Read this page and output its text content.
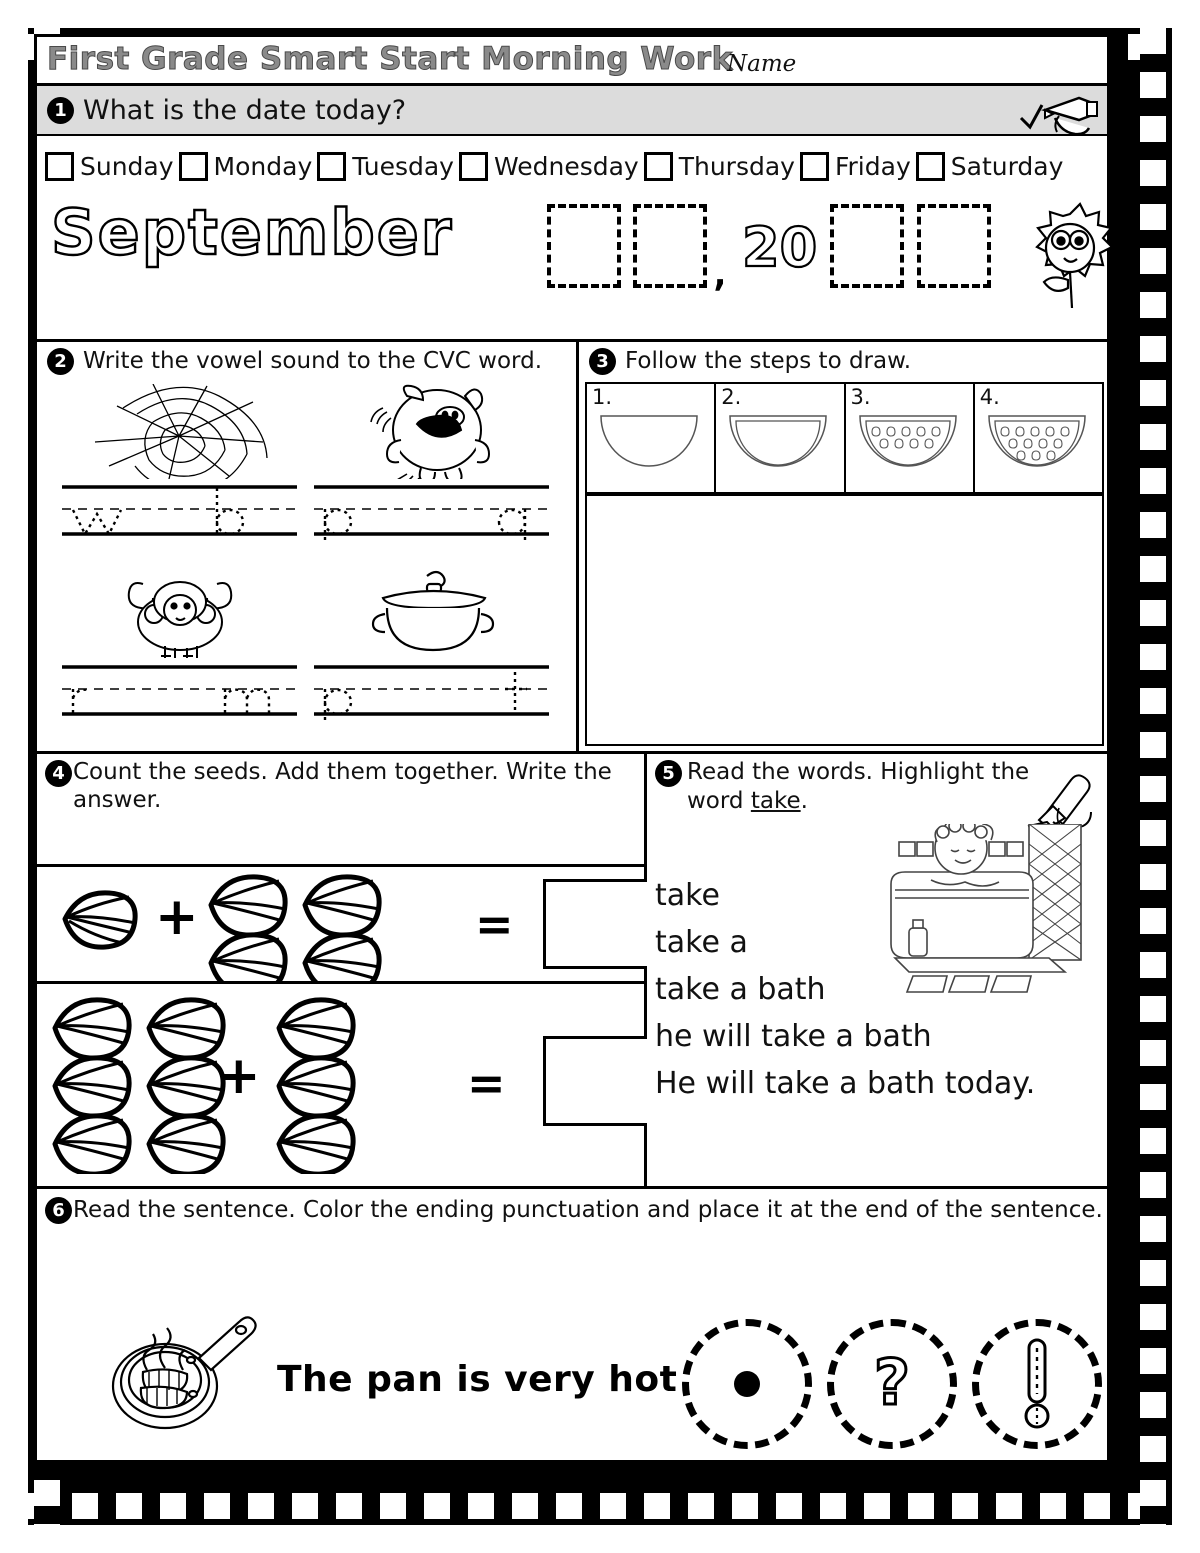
First Grade Smart Start Morning Work
Name
1 What is the date today?
Sunday Monday Tuesday Wednesday Thursday Friday Saturday
September
, 20
2 Write the vowel sound to the CVC word.	3 Follow the steps to draw.
1.	2.	3.	4.
4 Count the seeds. Add them together. Write the answer.
+	=
+	=
5 Read the words. Highlight the
word take.
take
take a
take a bath
he will take a bath
He will take a bath today.
6 Read the sentence. Color the ending punctuation and place it at the end of the sentence.
The pan is very hot	?
